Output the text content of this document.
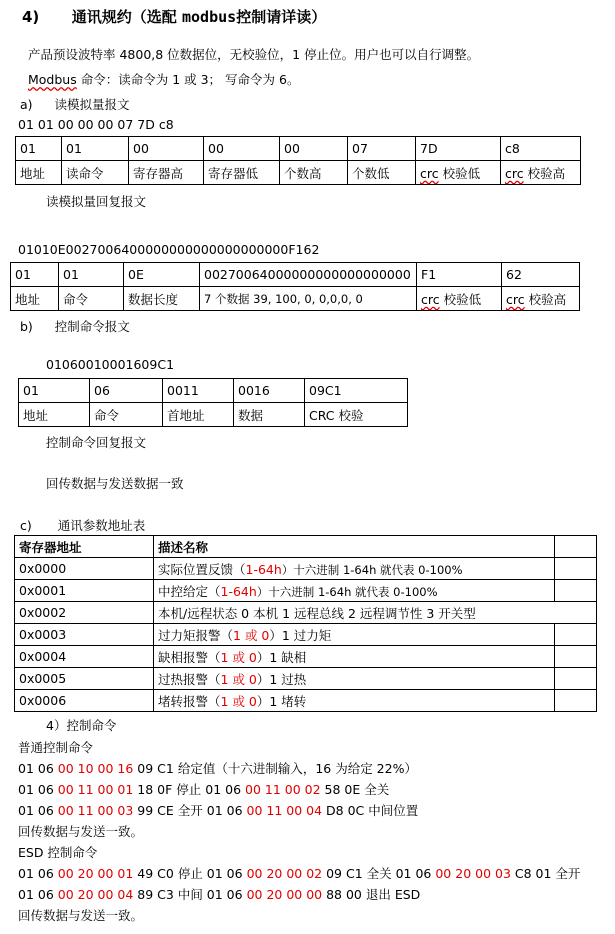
4) 通讯规约（选配 modbus控制请详读）
产品预设波特率 4800,8 位数据位，无校验位，1 停止位。用户也可以自行调整。
Modbus 命令：读命令为 1 或 3； 写命令为 6。
a) 读模拟量报文
01 01 00 00 00 07 7D c8
01	01	00	00	00	07	7D	c8
地址	读命令	寄存器高	寄存器低	个数高	个数低	crc 校验低	crc 校验高
读模拟量回复报文
01010E0027006400000000000000000000F162
01	01	0E	00270064000000000000000000	F1	62
地址	命令	数据长度	7 个数据 39, 100, 0, 0,0,0, 0	crc 校验低	crc 校验高
b) 控制命令报文
01060010001609C1
01	06	0011	0016	09C1
地址	命令	首地址	数据	CRC 校验
控制命令回复报文
回传数据与发送数据一致
c) 通讯参数地址表
寄存器地址	描述名称	
0x0000	实际位置反馈（1-64h）十六进制 1-64h 就代表 0-100%	
0x0001	中控给定（1-64h）十六进制 1-64h 就代表 0-100%	
0x0002	本机/远程状态 0 本机 1 远程总线 2 远程调节性 3 开关型	
0x0003	过力矩报警（1 或 0）1 过力矩	
0x0004	缺相报警（1 或 0）1 缺相	
0x0005	过热报警（1 或 0）1 过热	
0x0006	堵转报警（1 或 0）1 堵转	
4）控制命令
普通控制命令
01 06 00 10 00 16 09 C1 给定值（十六进制输入，16 为给定 22%）
01 06 00 11 00 01 18 0F 停止 01 06 00 11 00 02 58 0E 全关
01 06 00 11 00 03 99 CE 全开 01 06 00 11 00 04 D8 0C 中间位置
回传数据与发送一致。
ESD 控制命令
01 06 00 20 00 01 49 C0 停止 01 06 00 20 00 02 09 C1 全关 01 06 00 20 00 03 C8 01 全开
01 06 00 20 00 04 89 C3 中间 01 06 00 20 00 00 88 00 退出 ESD
回传数据与发送一致。
